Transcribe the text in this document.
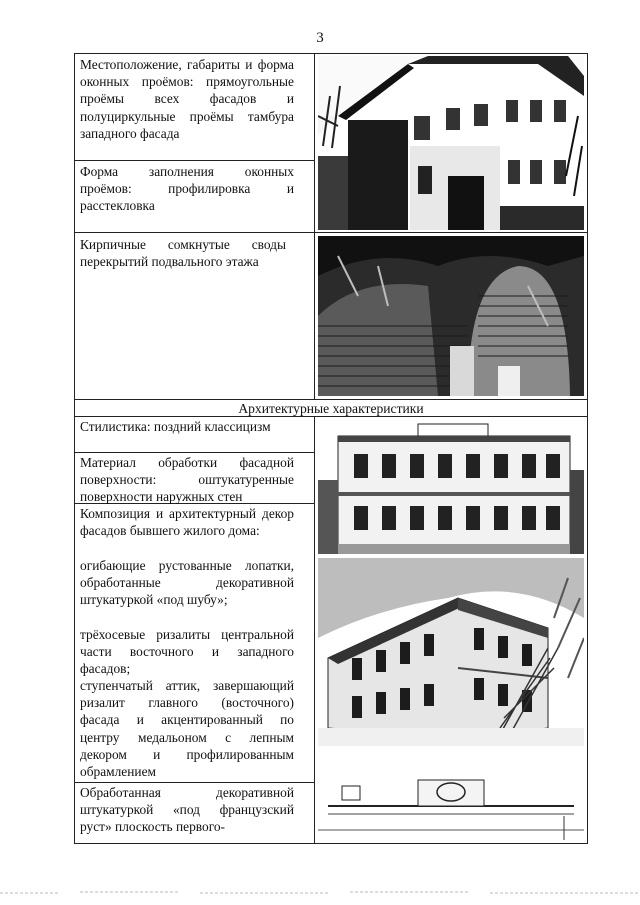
3
Местоположение, габариты и форма оконных проёмов: прямоугольные проёмы всех фасадов и полуциркульные проёмы тамбура западного фасада
Форма заполнения оконных проёмов: профилировка и расстекловка
Кирпичные сомкнутые своды перекрытий подвального этажа
Архитектурные характеристики
Стилистика: поздний классицизм
Материал обработки фасадной поверхности: оштукатуренные поверхности наружных стен
Композиция и архитектурный декор фасадов бывшего жилого дома:
огибающие рустованные лопатки, обработанные декоративной штукатуркой «под шубу»;
трёхосевые ризалиты центральной части восточного и западного фасадов;
ступенчатый аттик, завершающий ризалит главного (восточного) фасада и акцентированный по центру медальоном с лепным декором и профилированным обрамлением
Обработанная декоративной штукатуркой «под французский руст» плоскость первого-
